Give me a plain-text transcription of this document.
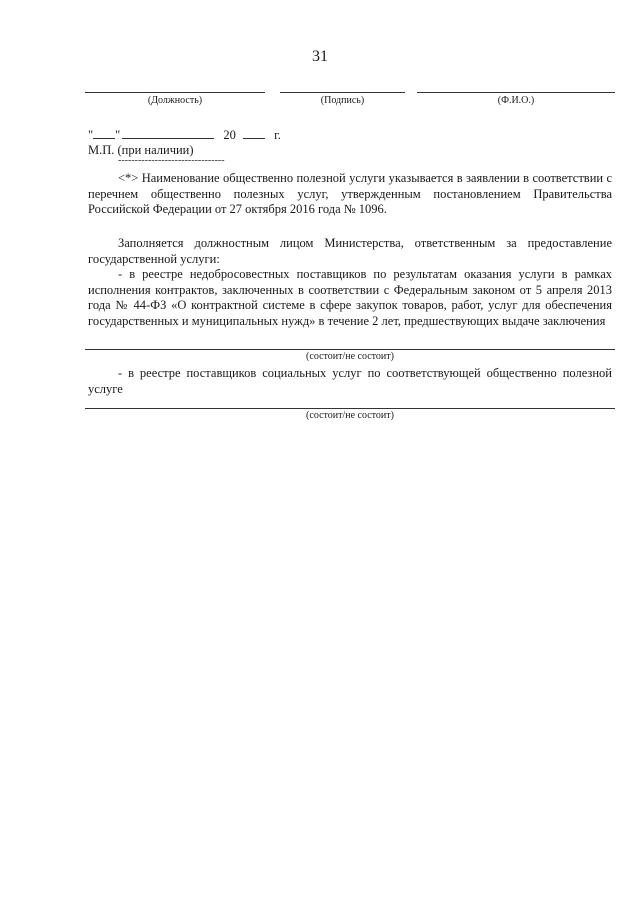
31
(Должность)	(Подпись)	(Ф.И.О.)
" "	20	г.
М.П. (при наличии)
--------------------------------

<*> Наименование общественно полезной услуги указывается в заявлении в соответствии с перечнем общественно полезных услуг, утвержденным постановлением Правительства Российской Федерации от 27 октября 2016 года № 1096.

Заполняется должностным лицом Министерства, ответственным за предоставление государственной услуги:

- в реестре недобросовестных поставщиков по результатам оказания услуги в рамках исполнения контрактов, заключенных в соответствии с Федеральным законом от 5 апреля 2013 года № 44-ФЗ «О контрактной системе в сфере закупок товаров, работ, услуг для обеспечения государственных и муниципальных нужд» в течение 2 лет, предшествующих выдаче заключения

(состоит/не состоит)

- в реестре поставщиков социальных услуг по соответствующей общественно полезной услуге

(состоит/не состоит)
